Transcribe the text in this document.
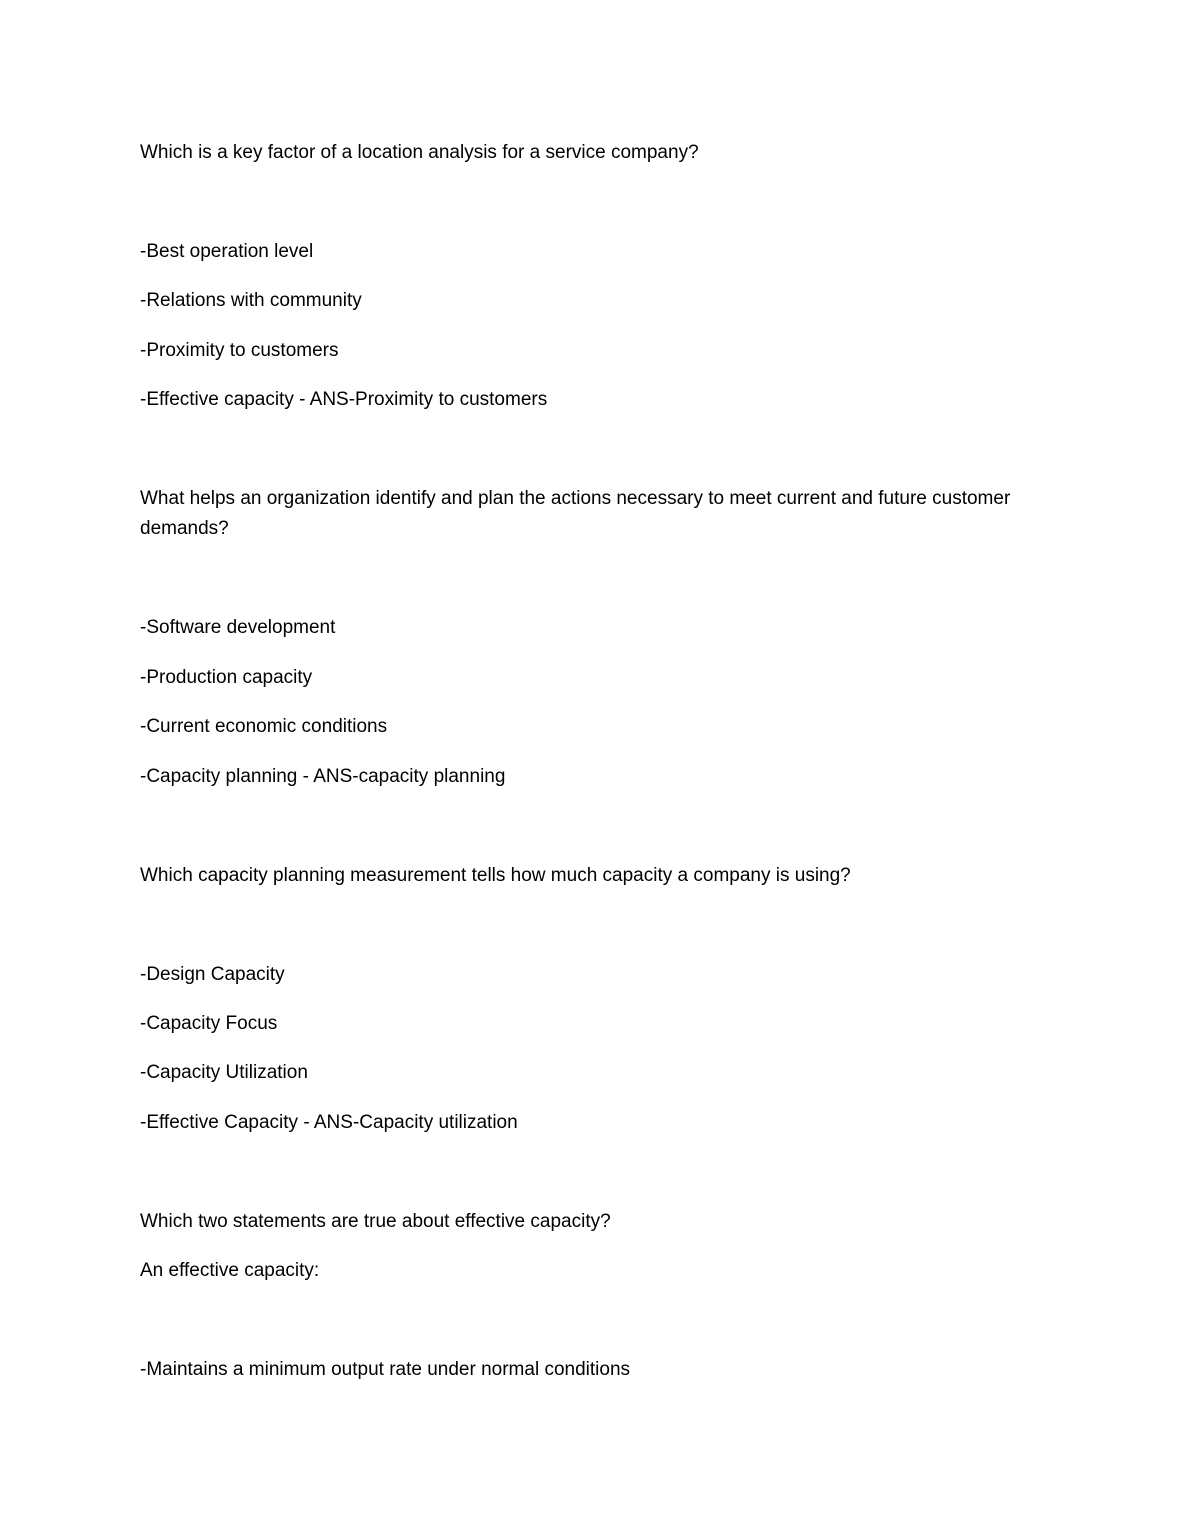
Which is a key factor of a location analysis for a service company?
-Best operation level
-Relations with community
-Proximity to customers
-Effective capacity - ANS-Proximity to customers
What helps an organization identify and plan the actions necessary to meet current and future customer demands?
-Software development
-Production capacity
-Current economic conditions
-Capacity planning - ANS-capacity planning
Which capacity planning measurement tells how much capacity a company is using?
-Design Capacity
-Capacity Focus
-Capacity Utilization
-Effective Capacity - ANS-Capacity utilization
Which two statements are true about effective capacity?
An effective capacity:
-Maintains a minimum output rate under normal conditions
